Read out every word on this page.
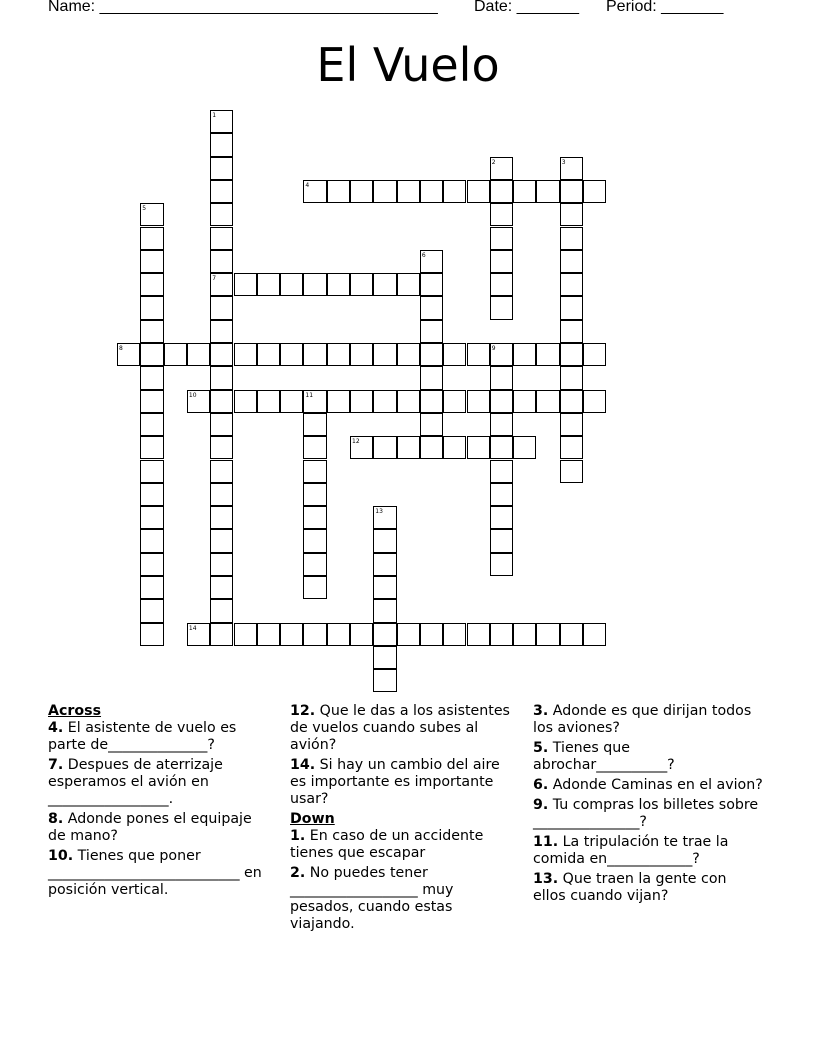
Name: ______________________________________

Date: _______

Period: _______

El Vuelo
1
7
2	3
4
5
6
8	9
10	11
12
13
14
Across
4. El asistente de vuelo es parte de______________?
7. Despues de aterrizaje esperamos el avión en _________________.
8. Adonde pones el equipaje de mano?
10. Tienes que poner ___________________________ en posición vertical.
12. Que le das a los asistentes de vuelos cuando subes al avión?
14. Si hay un cambio del aire es importante es importante usar?
Down
1. En caso de un accidente tienes que escapar
2. No puedes tener __________________ muy pesados, cuando estas viajando.
3. Adonde es que dirijan todos los aviones?
5. Tienes que abrochar__________?
6. Adonde Caminas en el avion?
9. Tu compras los billetes sobre _______________?
11. La tripulación te trae la comida en____________?
13. Que traen la gente con ellos cuando vijan?
